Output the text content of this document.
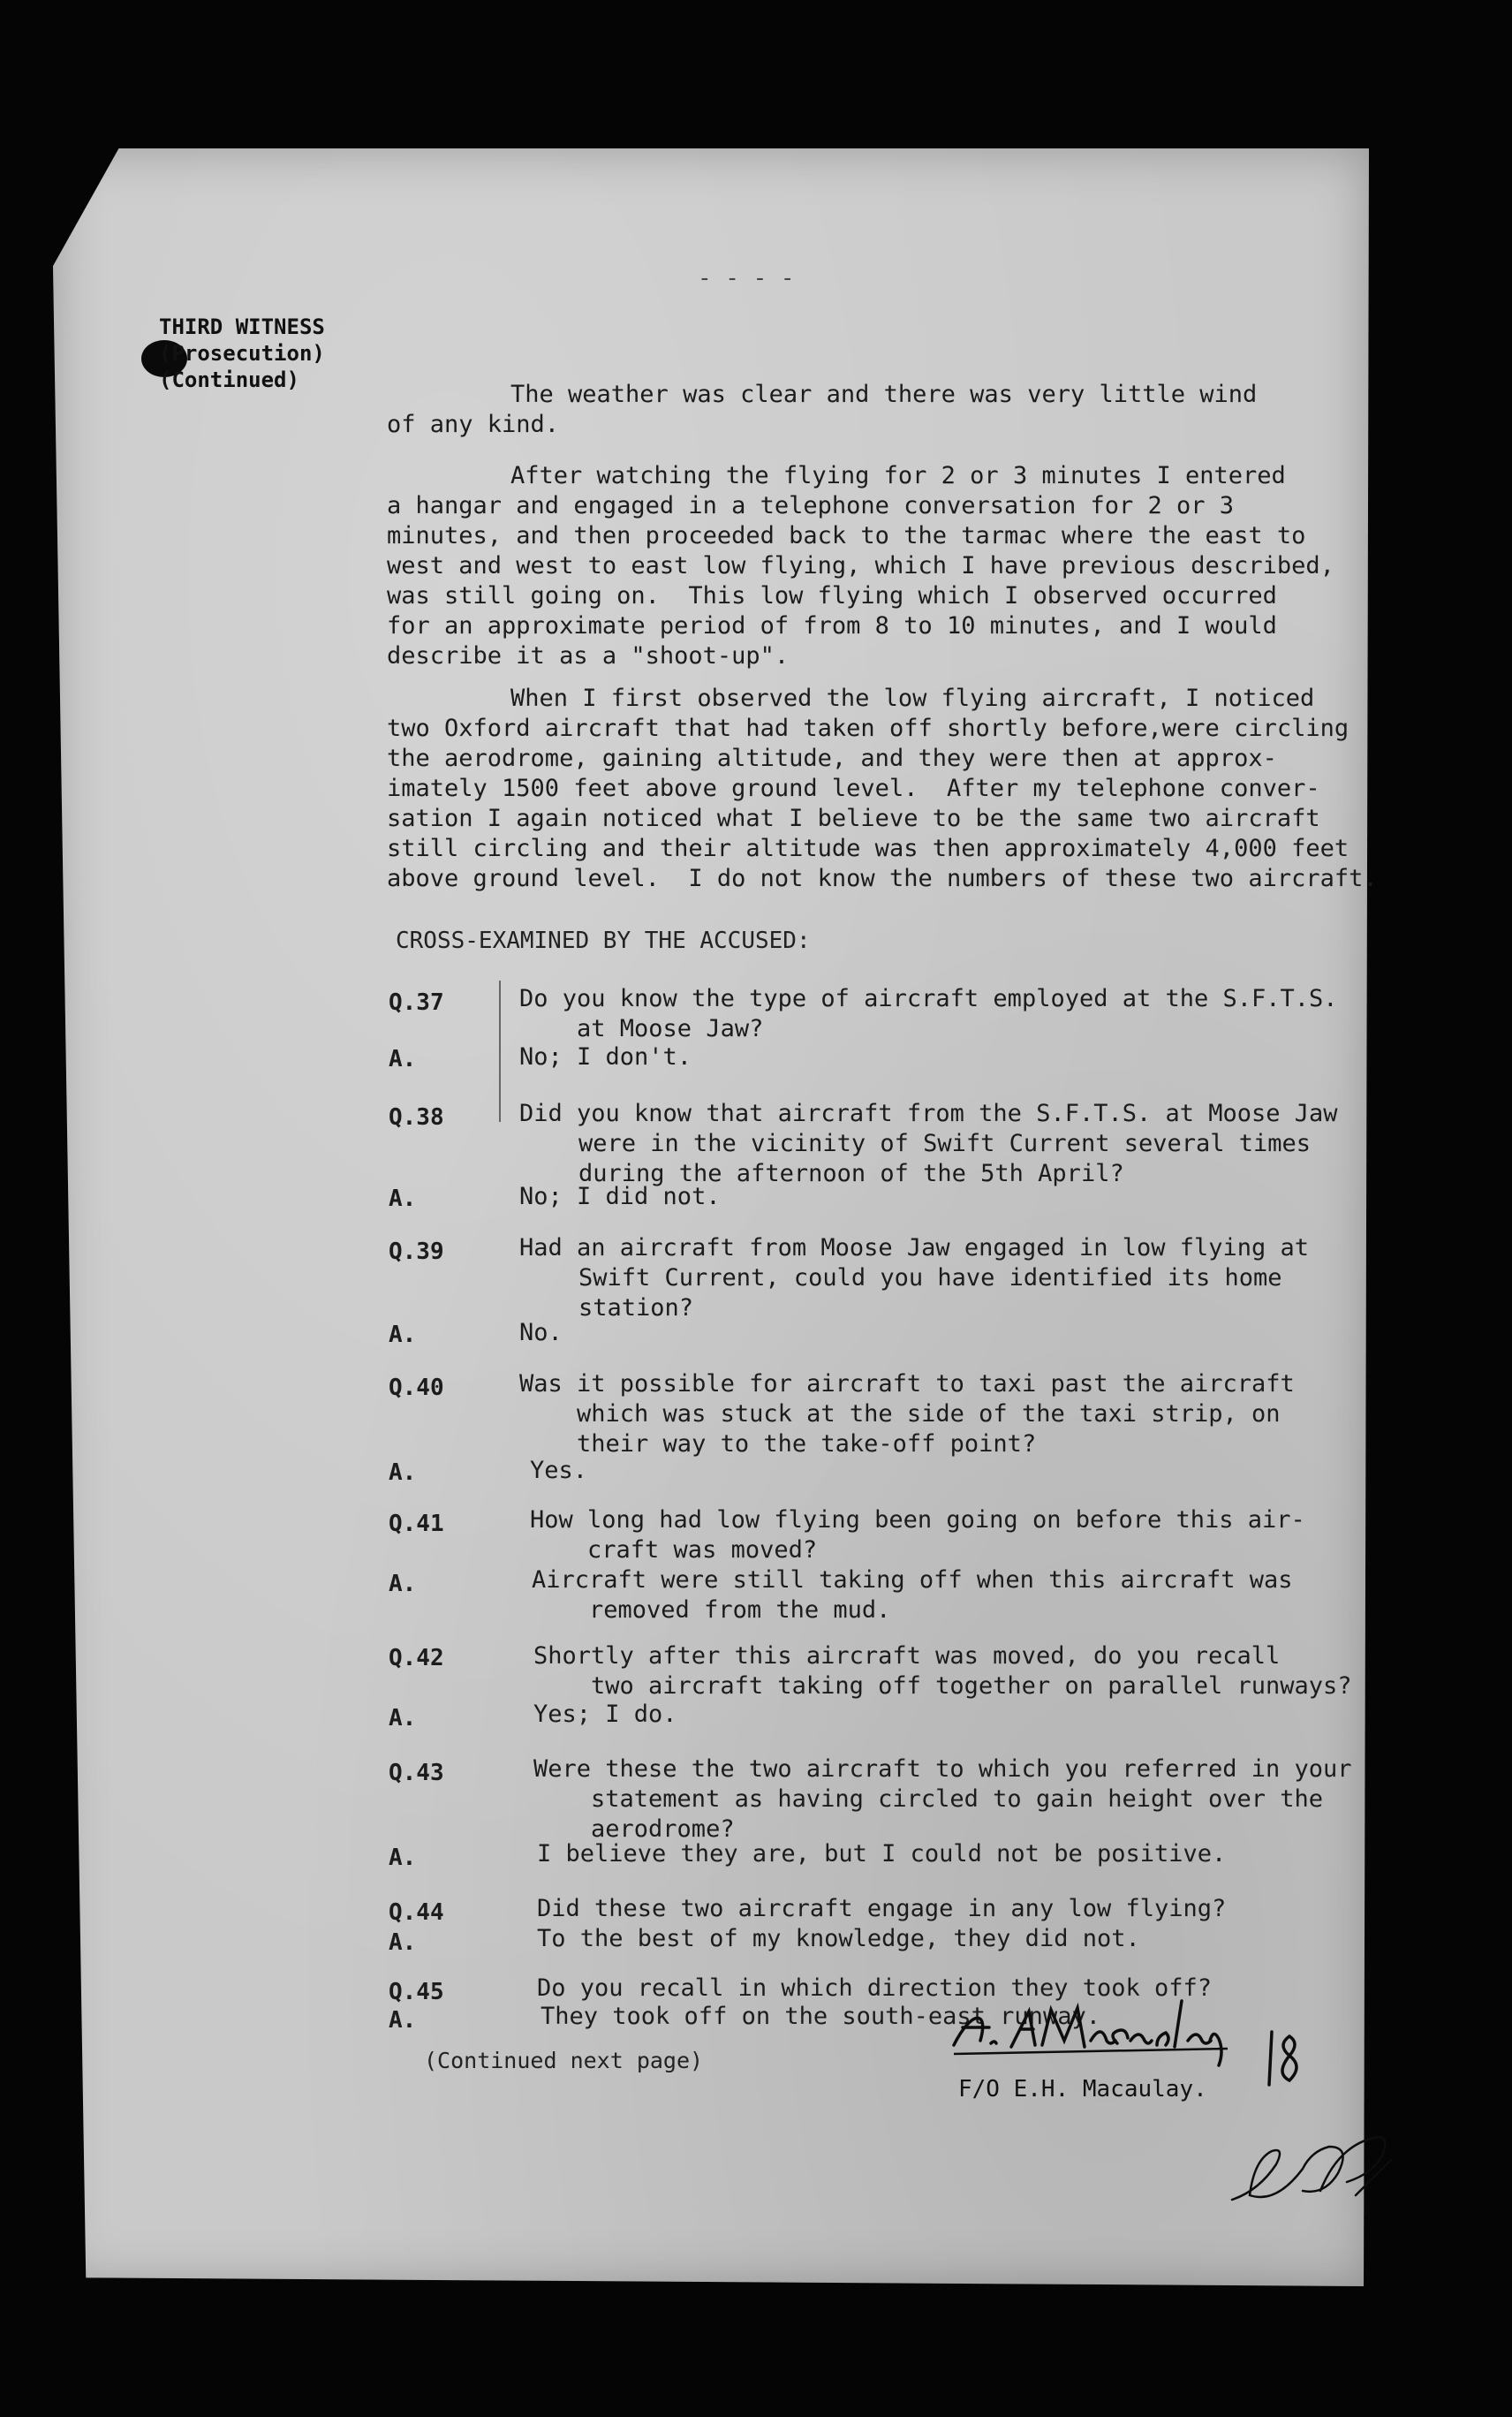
- - - -
THIRD WITNESS
(Prosecution)
(Continued)
The weather was clear and there was very little wind
of any kind.
After watching the flying for 2 or 3 minutes I entered
a hangar and engaged in a telephone conversation for 2 or 3
minutes, and then proceeded back to the tarmac where the east to
west and west to east low flying, which I have previous described,
was still going on.  This low flying which I observed occurred
for an approximate period of from 8 to 10 minutes, and I would
describe it as a "shoot-up".
When I first observed the low flying aircraft, I noticed
two Oxford aircraft that had taken off shortly before,were circling
the aerodrome, gaining altitude, and they were then at approx-
imately 1500 feet above ground level.  After my telephone conver-
sation I again noticed what I believe to be the same two aircraft
still circling and their altitude was then approximately 4,000 feet
above ground level.  I do not know the numbers of these two aircraft.
CROSS-EXAMINED BY THE ACCUSED:
Q.37	Do you know the type of aircraft employed at the S.F.T.S.
at Moose Jaw?
A.	No; I don't.
Q.38	Did you know that aircraft from the S.F.T.S. at Moose Jaw
were in the vicinity of Swift Current several times
during the afternoon of the 5th April?
A.	No; I did not.
Q.39	Had an aircraft from Moose Jaw engaged in low flying at
Swift Current, could you have identified its home
station?
A.	No.
Q.40	Was it possible for aircraft to taxi past the aircraft
which was stuck at the side of the taxi strip, on
their way to the take-off point?
A.	Yes.
Q.41	How long had low flying been going on before this air-
craft was moved?
A.	Aircraft were still taking off when this aircraft was
removed from the mud.
Q.42	Shortly after this aircraft was moved, do you recall
two aircraft taking off together on parallel runways?
A.	Yes; I do.
Q.43	Were these the two aircraft to which you referred in your
statement as having circled to gain height over the
aerodrome?
A.	I believe they are, but I could not be positive.
Q.44	Did these two aircraft engage in any low flying?
A.	To the best of my knowledge, they did not.
Q.45	Do you recall in which direction they took off?
A.	They took off on the south-east runway.
(Continued next page)
F/O E.H. Macaulay.
